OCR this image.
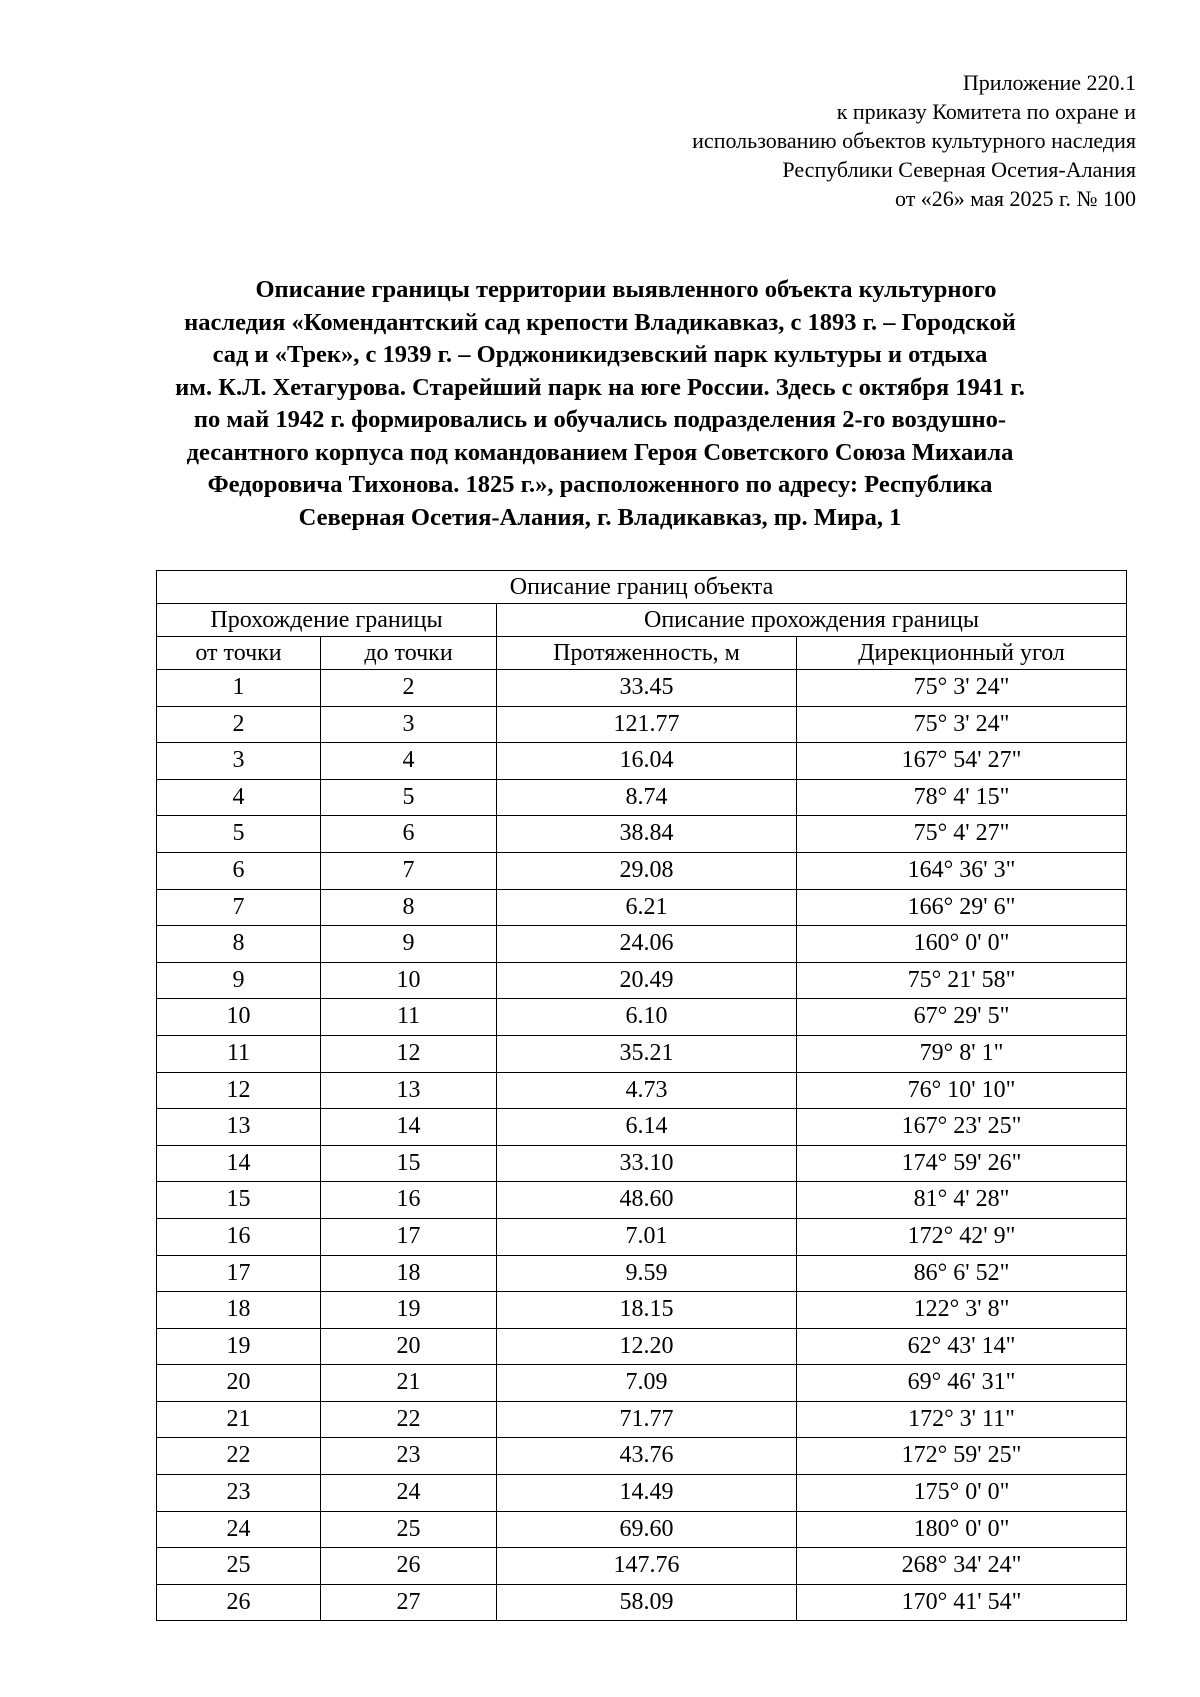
Приложение 220.1
к приказу Комитета по охране и
использованию объектов культурного наследия
Республики Северная Осетия-Алания
от «26» мая 2025 г. № 100
Описание границы территории выявленного объекта культурного
наследия «Комендантский сад крепости Владикавказ, с 1893 г. – Городской
сад и «Трек», с 1939 г. – Орджоникидзевский парк культуры и отдыха
им. К.Л. Хетагурова. Старейший парк на юге России. Здесь с октября 1941 г.
по май 1942 г. формировались и обучались подразделения 2-го воздушно-
десантного корпуса под командованием Героя Советского Союза Михаила
Федоровича Тихонова. 1825 г.», расположенного по адресу: Республика
Северная Осетия-Алания, г. Владикавказ, пр. Мира, 1
Описание границ объекта			
Прохождение границы		Описание прохождения границы	
от точки	до точки	Протяженность, м	Дирекционный угол
1	2	33.45	75° 3' 24"
2	3	121.77	75° 3' 24"
3	4	16.04	167° 54' 27"
4	5	8.74	78° 4' 15"
5	6	38.84	75° 4' 27"
6	7	29.08	164° 36' 3"
7	8	6.21	166° 29' 6"
8	9	24.06	160° 0' 0"
9	10	20.49	75° 21' 58"
10	11	6.10	67° 29' 5"
11	12	35.21	79° 8' 1"
12	13	4.73	76° 10' 10"
13	14	6.14	167° 23' 25"
14	15	33.10	174° 59' 26"
15	16	48.60	81° 4' 28"
16	17	7.01	172° 42' 9"
17	18	9.59	86° 6' 52"
18	19	18.15	122° 3' 8"
19	20	12.20	62° 43' 14"
20	21	7.09	69° 46' 31"
21	22	71.77	172° 3' 11"
22	23	43.76	172° 59' 25"
23	24	14.49	175° 0' 0"
24	25	69.60	180° 0' 0"
25	26	147.76	268° 34' 24"
26	27	58.09	170° 41' 54"
